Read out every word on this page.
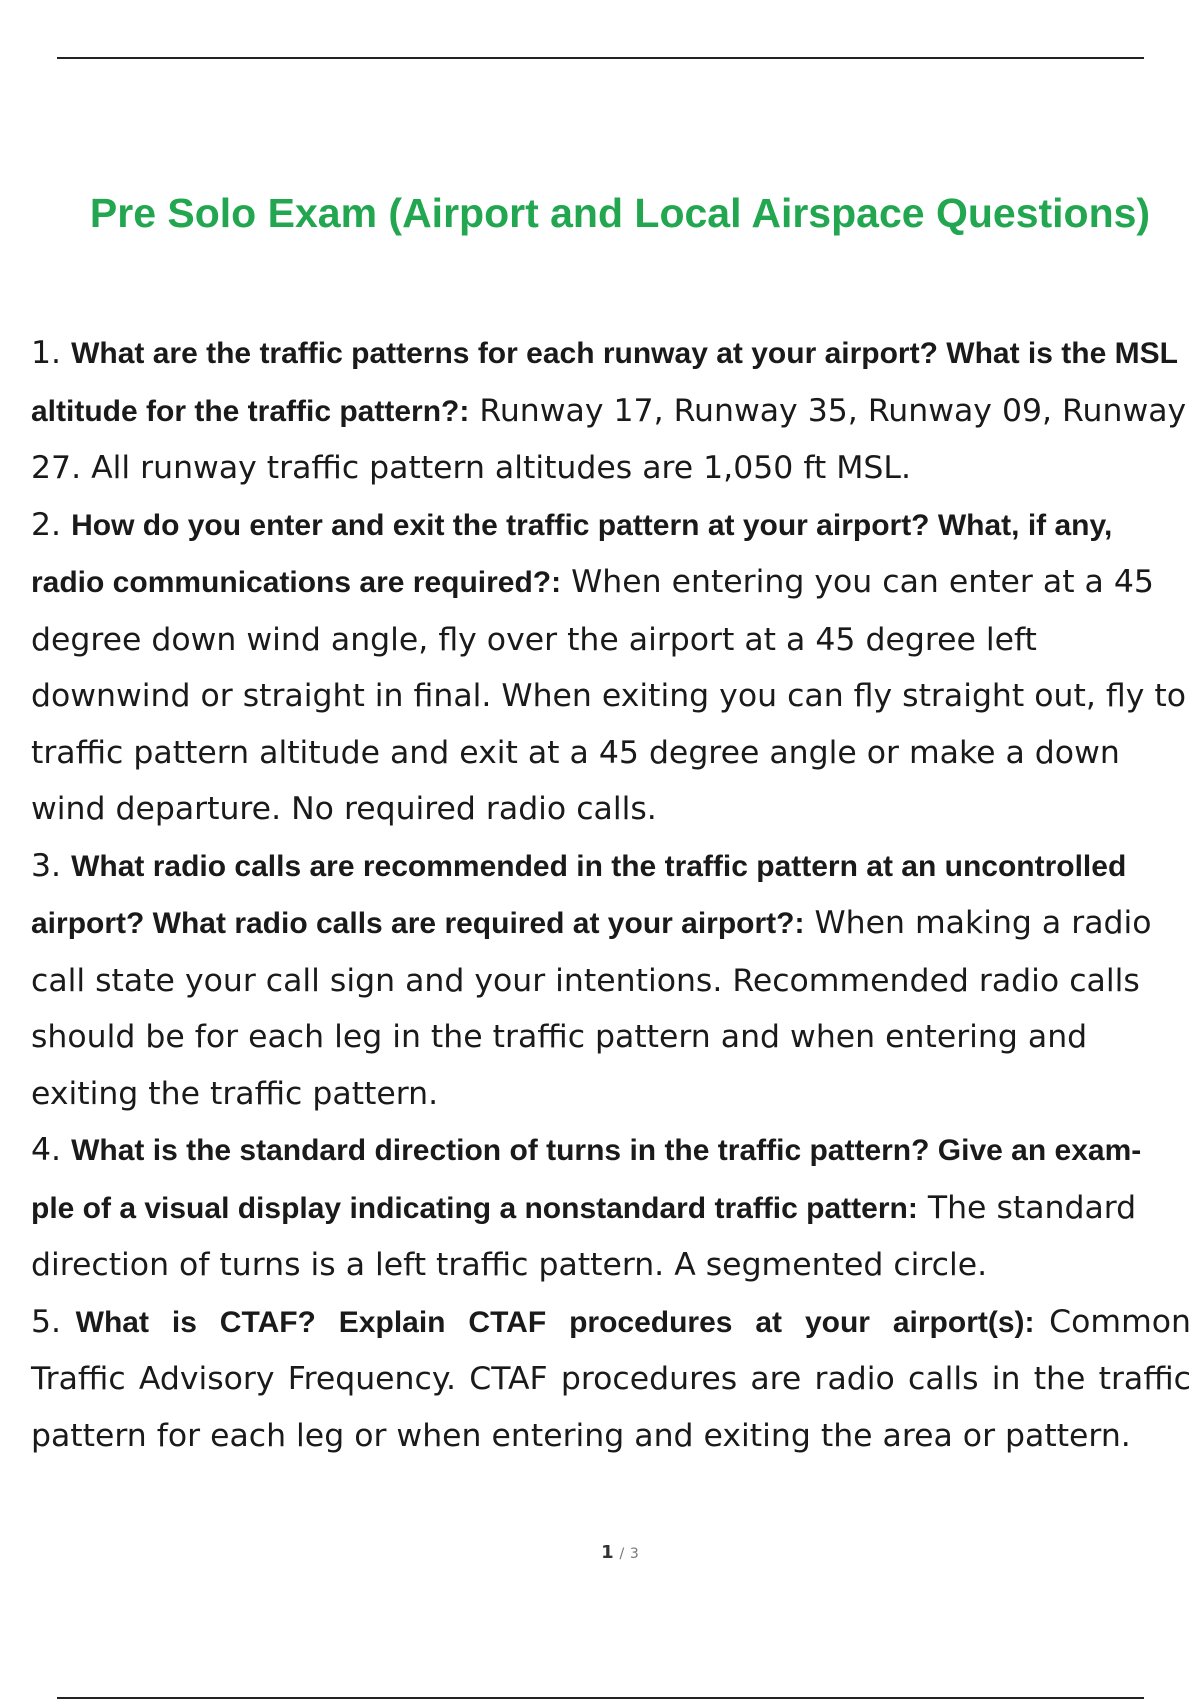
Pre Solo Exam (Airport and Local Airspace Questions)
1. What are the traffic patterns for each runway at your airport? What is the MSL altitude for the traffic pattern?: Runway 17, Runway 35, Runway 09, Runway
27. All runway traffic pattern altitudes are 1,050 ft MSL.
2. How do you enter and exit the traffic pattern at your airport? What, if any, radio communications are required?: When entering you can enter at a 45 degree down wind angle, fly over the airport at a 45 degree left downwind or straight in final. When exiting you can fly straight out, fly to traffic pattern altitude and exit at a 45 degree angle or make a down wind departure. No required radio calls.
3. What radio calls are recommended in the traffic pattern at an uncontrolled airport? What radio calls are required at your airport?: When making a radio call state your call sign and your intentions. Recommended radio calls should be for each leg in the traffic pattern and when entering and exiting the traffic pattern.
4. What is the standard direction of turns in the traffic pattern? Give an exam- ple of a visual display indicating a nonstandard traffic pattern: The standard direction of turns is a left traffic pattern. A segmented circle.
5. What is CTAF? Explain CTAF procedures at your airport(s): Common Traffic Advisory Frequency. CTAF procedures are radio calls in the traffic pattern for each leg or when entering and exiting the area or pattern.
1 / 3
